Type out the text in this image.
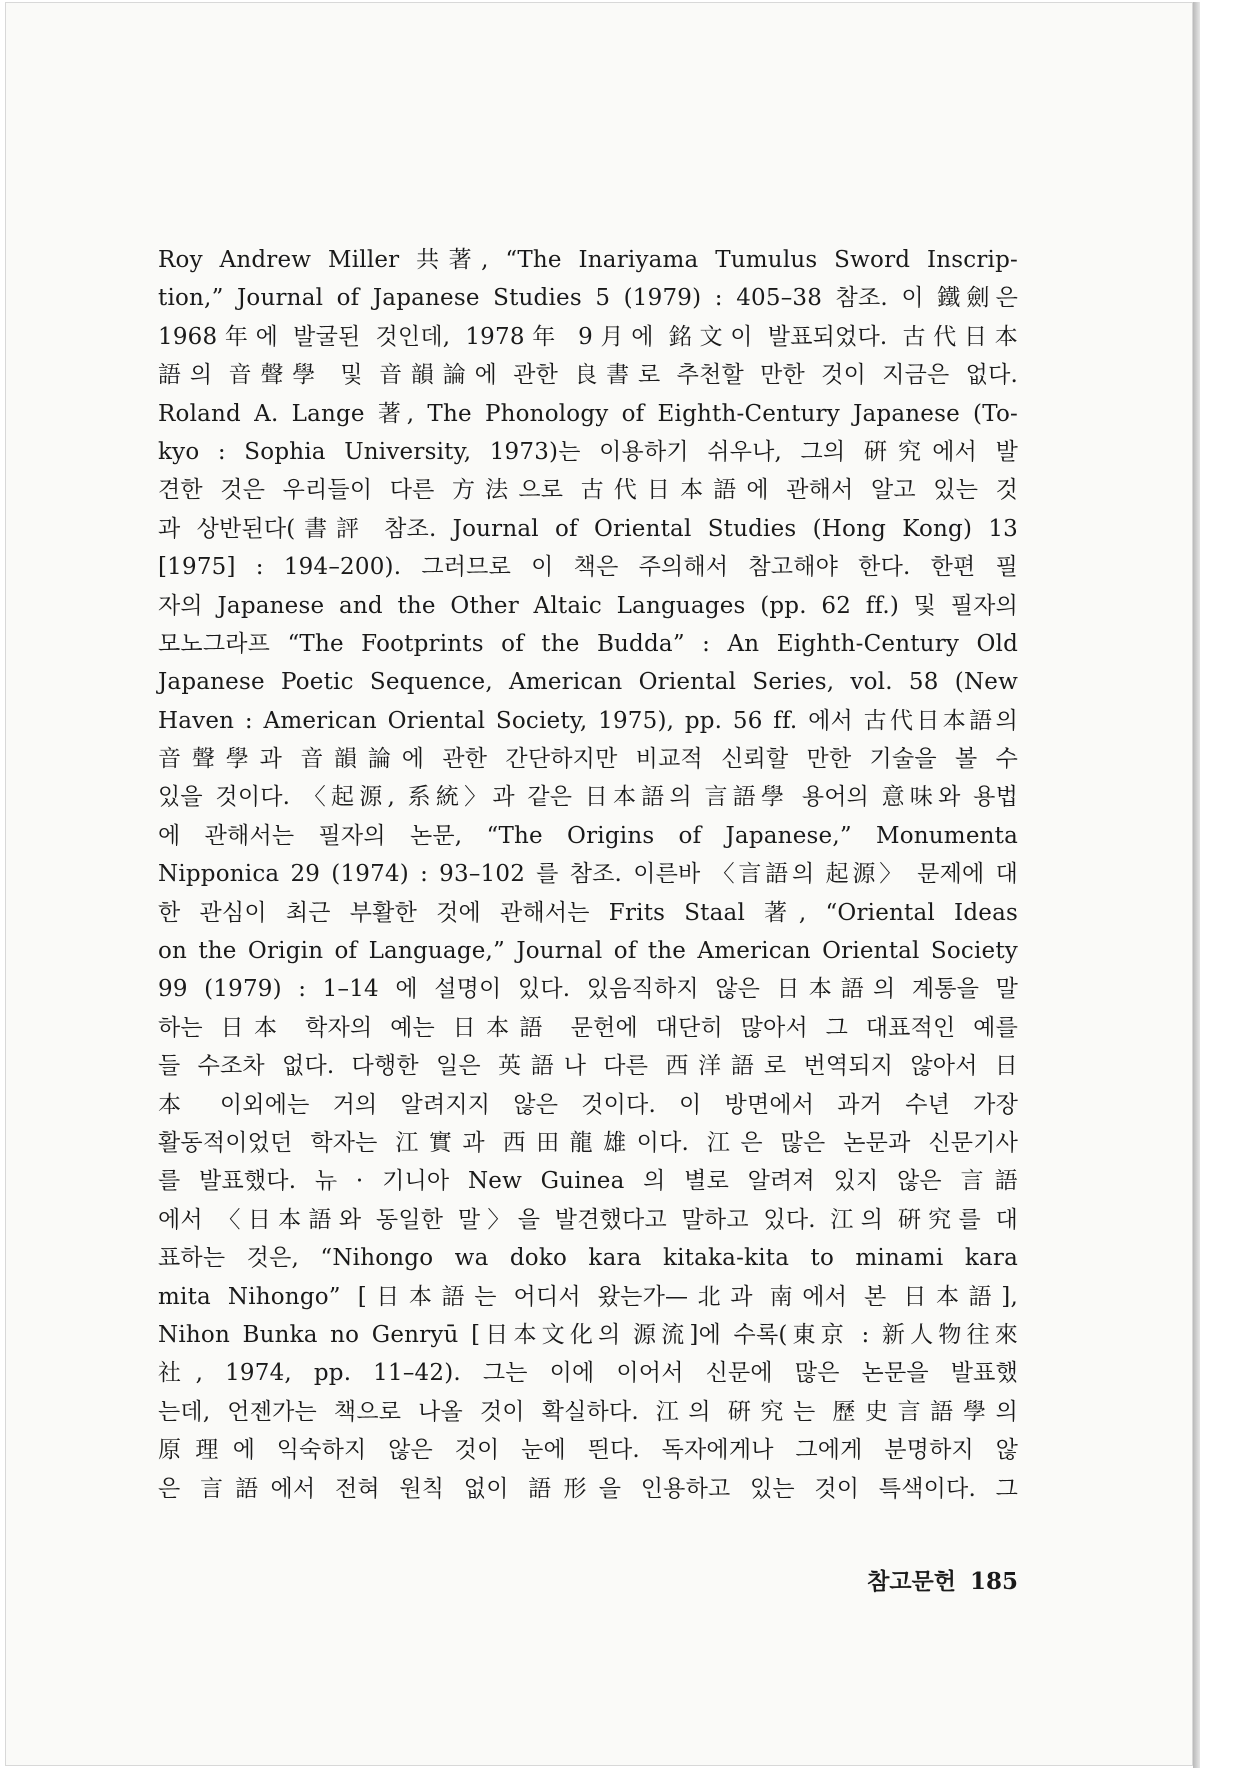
Roy Andrew Miller 共著, “The Inariyama Tumulus Sword Inscrip-
tion,” Journal of Japanese Studies 5 (1979) : 405–38 참조. 이 鐵劍은
1968年에 발굴된 것인데, 1978年 9月에 銘文이 발표되었다. 古代日本
語의 音聲學 및 音韻論에 관한 良書로 추천할 만한 것이 지금은 없다.
Roland A. Lange 著, The Phonology of Eighth-Century Japanese (To-
kyo : Sophia University, 1973)는 이용하기 쉬우나, 그의 硏究에서 발
견한 것은 우리들이 다른 方法으로 古代日本語에 관해서 알고 있는 것
과 상반된다(書評 참조. Journal of Oriental Studies (Hong Kong) 13
[1975] : 194–200). 그러므로 이 책은 주의해서 참고해야 한다. 한편 필
자의 Japanese and the Other Altaic Languages (pp. 62 ff.) 및 필자의
모노그라프 “The Footprints of the Budda” : An Eighth-Century Old
Japanese Poetic Sequence, American Oriental Series, vol. 58 (New
Haven : American Oriental Society, 1975), pp. 56 ff. 에서 古代日本語의
音聲學과 音韻論에 관한 간단하지만 비교적 신뢰할 만한 기술을 볼 수
있을 것이다. 〈起源, 系統〉과 같은 日本語의 言語學 용어의 意味와 용법
에 관해서는 필자의 논문, “The Origins of Japanese,” Monumenta
Nipponica 29 (1974) : 93–102 를 참조. 이른바 〈言語의 起源〉 문제에 대
한 관심이 최근 부활한 것에 관해서는 Frits Staal 著, “Oriental Ideas
on the Origin of Language,” Journal of the American Oriental Society
99 (1979) : 1–14 에 설명이 있다. 있음직하지 않은 日本語의 계통을 말
하는 日本 학자의 예는 日本語 문헌에 대단히 많아서 그 대표적인 예를
들 수조차 없다. 다행한 일은 英語나 다른 西洋語로 번역되지 않아서 日
本 이외에는 거의 알려지지 않은 것이다. 이 방면에서 과거 수년 가장
활동적이었던 학자는 江實과 西田龍雄이다. 江은 많은 논문과 신문기사
를 발표했다. 뉴 · 기니아 New Guinea 의 별로 알려져 있지 않은 言語
에서 〈日本語와 동일한 말〉을 발견했다고 말하고 있다. 江의 硏究를 대
표하는 것은, “Nihongo wa doko kara kitaka-kita to minami kara
mita Nihongo” [日本語는 어디서 왔는가—北과 南에서 본 日本語],
Nihon Bunka no Genryū [日本文化의 源流]에 수록(東京 : 新人物往來
社, 1974, pp. 11–42). 그는 이에 이어서 신문에 많은 논문을 발표했
는데, 언젠가는 책으로 나올 것이 확실하다. 江의 硏究는 歷史言語學의
原理에 익숙하지 않은 것이 눈에 띈다. 독자에게나 그에게 분명하지 않
은 言語에서 전혀 원칙 없이 語形을 인용하고 있는 것이 특색이다. 그
참고문헌 185
